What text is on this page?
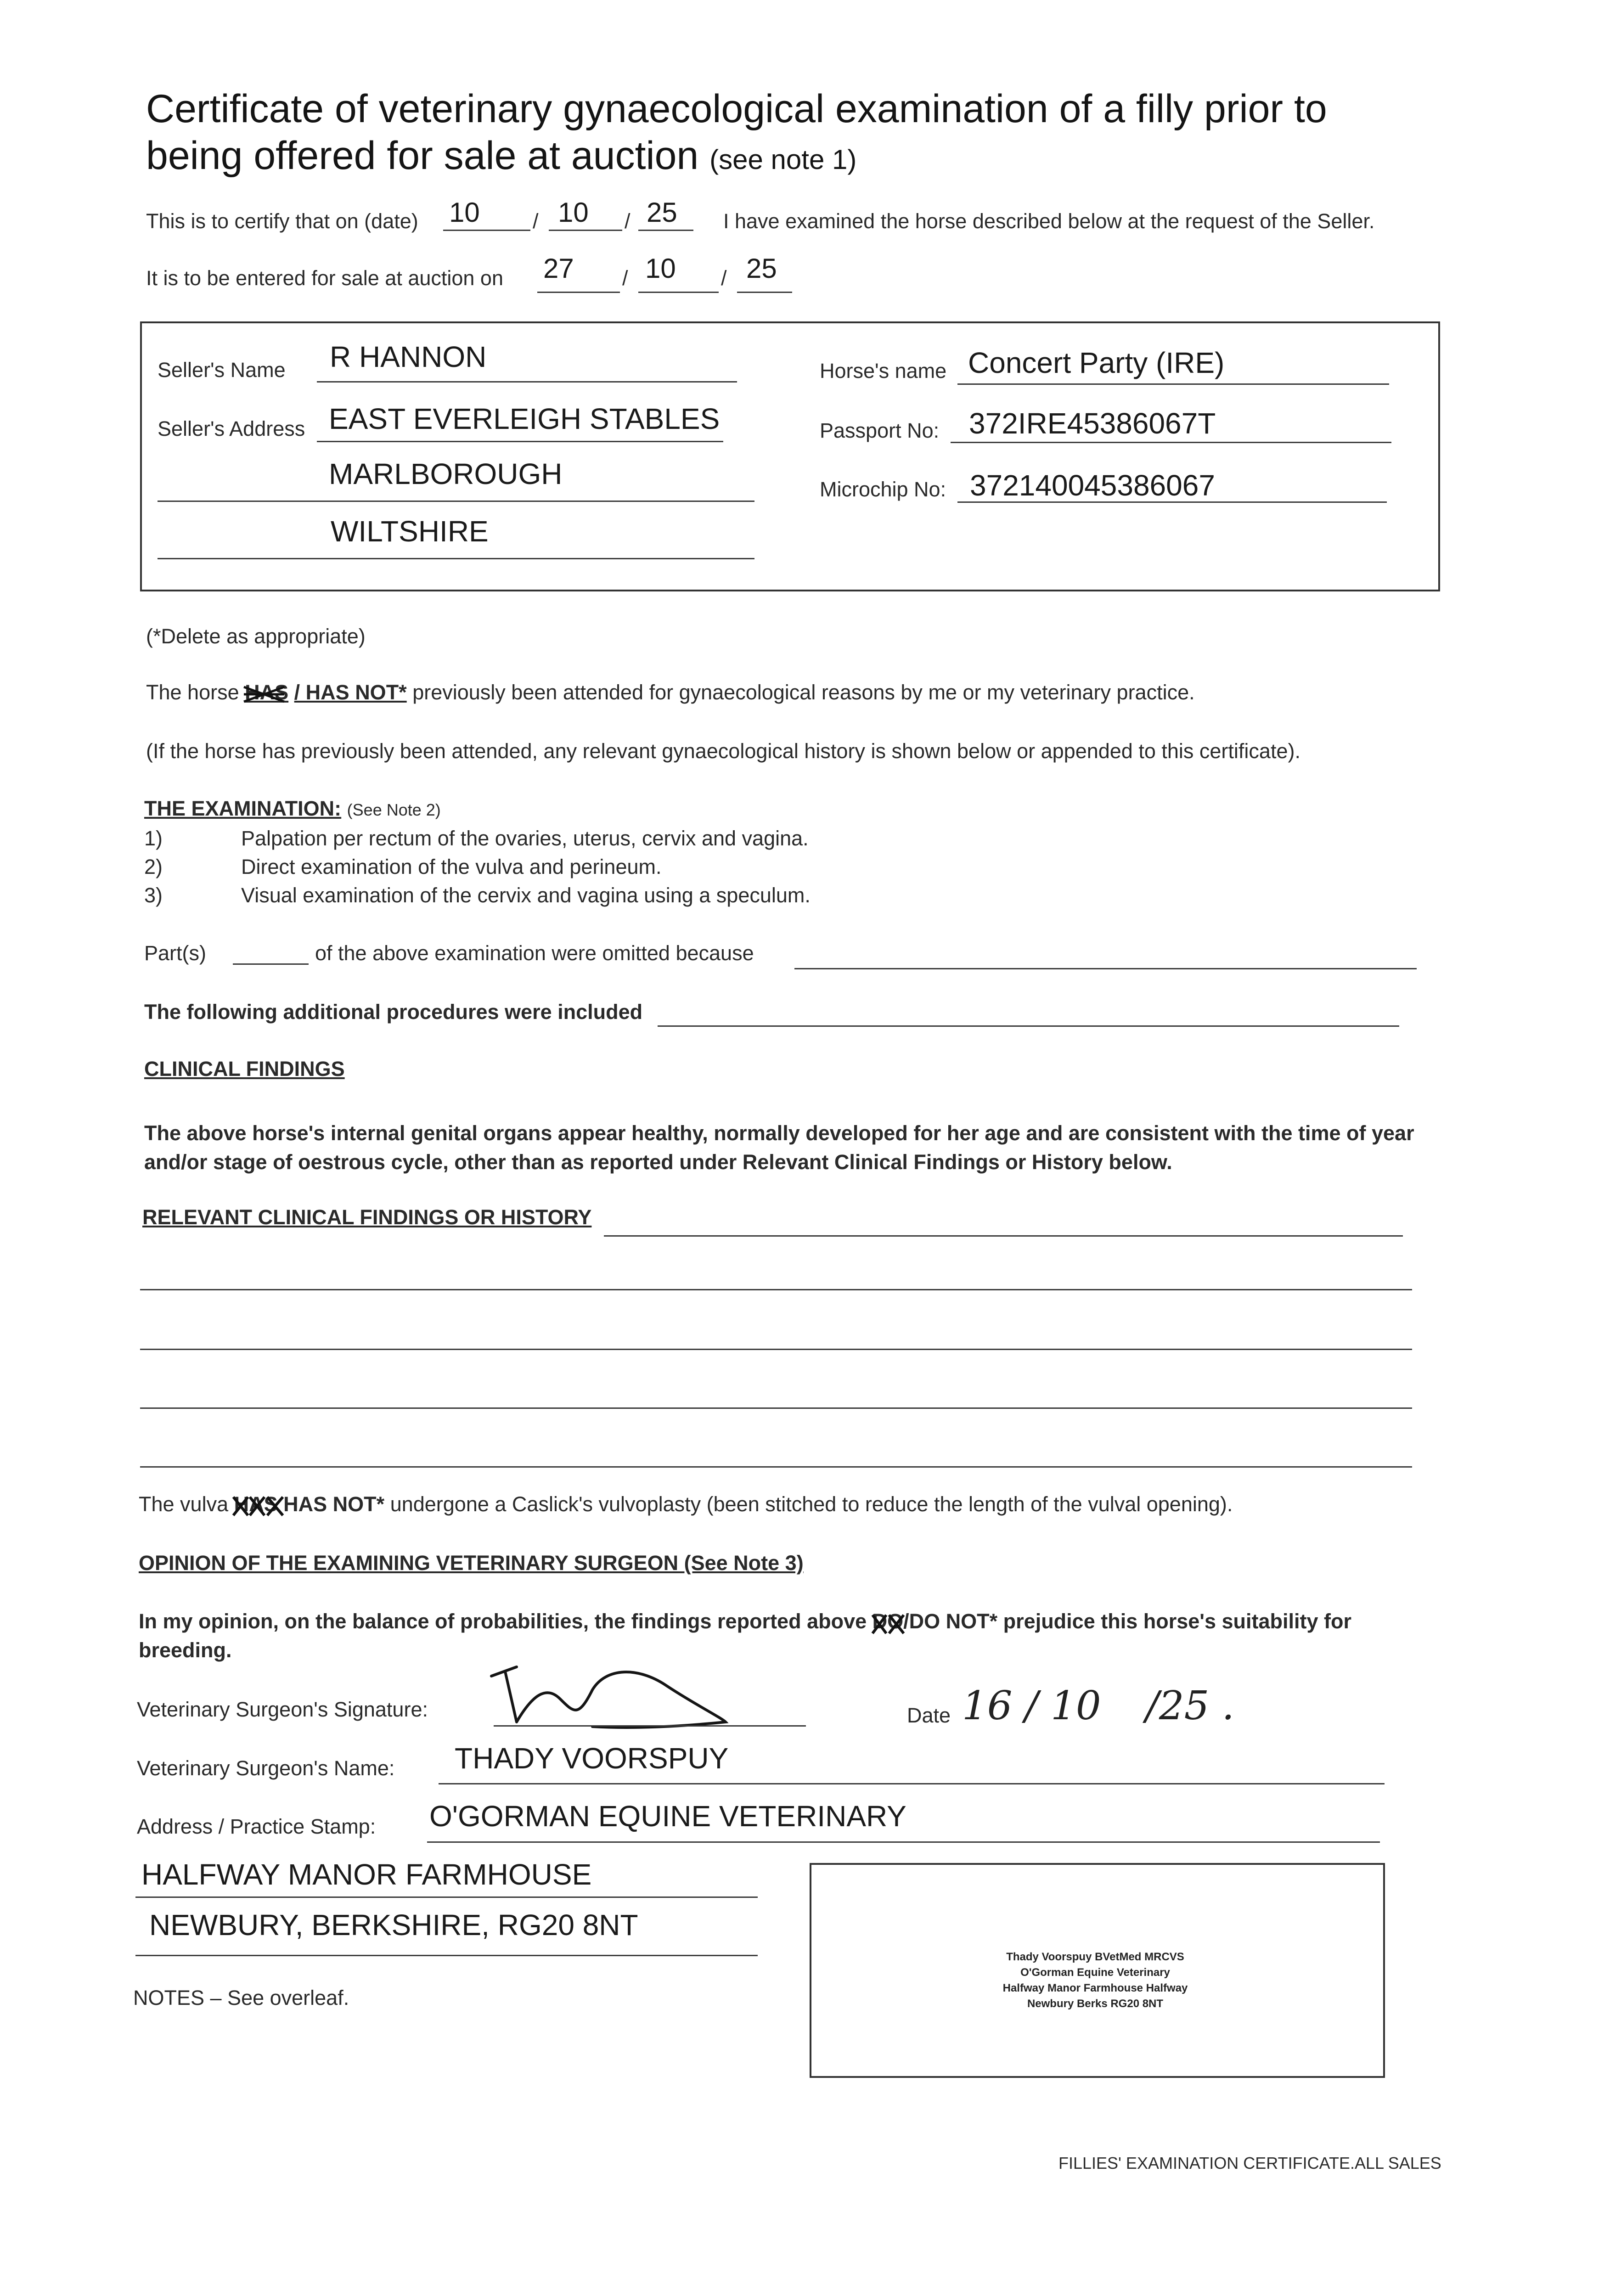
Certificate of veterinary gynaecological examination of a filly prior to
being offered for sale at auction (see note 1)
This is to certify that on (date) 10	/ 10 / 25 I have examined the horse described below at the request of the Seller.
It is to be entered for sale at auction on 27 / 10 / 25
Seller's Name R HANNON
Seller's Address EAST EVERLEIGH STABLES
MARLBOROUGH
WILTSHIRE
Horse's name Concert Party (IRE)
Passport No: 372IRE45386067T
Microchip No: 372140045386067
(*Delete as appropriate)
The horse HAS / HAS NOT* previously been attended for gynaecological reasons by me or my veterinary practice.
(If the horse has previously been attended, any relevant gynaecological history is shown below or appended to this certificate).
THE EXAMINATION: (See Note 2)
1)	Palpation per rectum of the ovaries, uterus, cervix and vagina.
2)	Direct examination of the vulva and perineum.
3)	Visual examination of the cervix and vagina using a speculum.
Part(s)	of the above examination were omitted because
The following additional procedures were included
CLINICAL FINDINGS
The above horse's internal genital organs appear healthy, normally developed for her age and are consistent with the time of year
and/or stage of oestrous cycle, other than as reported under Relevant Clinical Findings or History below.
RELEVANT CLINICAL FINDINGS OR HISTORY
The vulva HAS HAS NOT* undergone a Caslick's vulvoplasty (been stitched to reduce the length of the vulval opening).
OPINION OF THE EXAMINING VETERINARY SURGEON (See Note 3)
In my opinion, on the balance of probabilities, the findings reported above DO
/DO NOT* prejudice this horse's suitability for
breeding.
Veterinary Surgeon's Signature:	Date 16 / 10 /25 .
Veterinary Surgeon's Name: THADY VOORSPUY
Address / Practice Stamp: O'GORMAN EQUINE VETERINARY
HALFWAY MANOR FARMHOUSE
NEWBURY, BERKSHIRE, RG20 8NT
Thady Voorspuy BVetMed MRCVS
O'Gorman Equine Veterinary
Halfway Manor Farmhouse Halfway
Newbury Berks RG20 8NT
NOTES – See overleaf.
FILLIES' EXAMINATION CERTIFICATE.ALL SALES
